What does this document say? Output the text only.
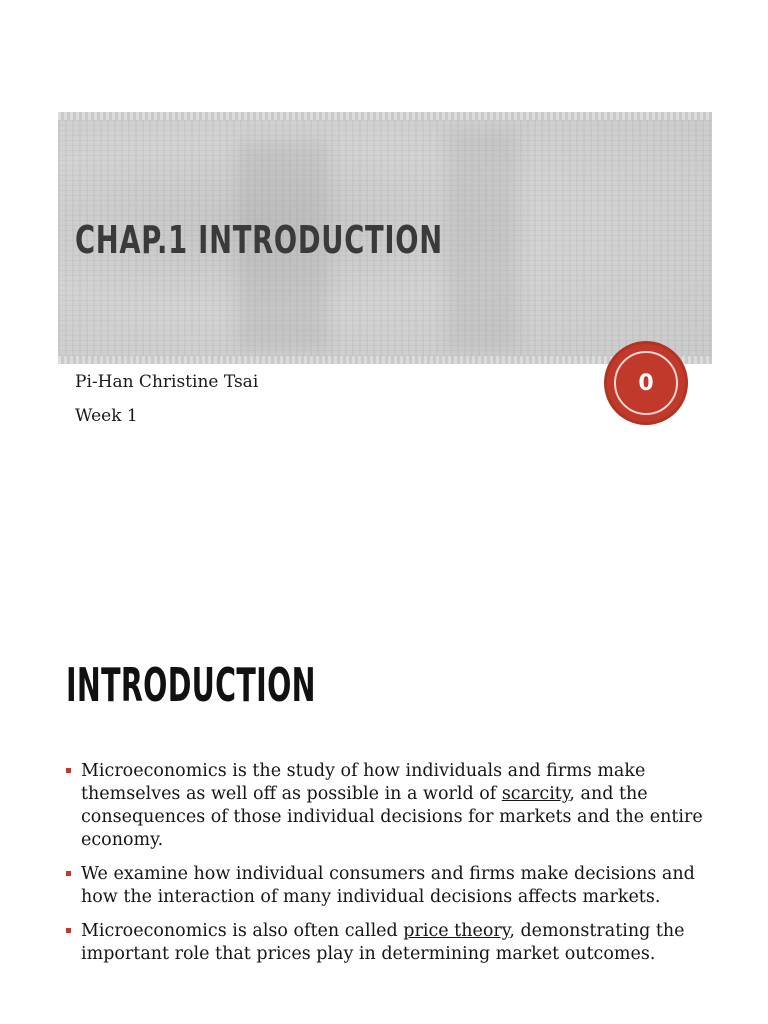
CHAP.1 INTRODUCTION
Pi-Han Christine Tsai
Week 1
0
INTRODUCTION
Microeconomics is the study of how individuals and firms make themselves as well off as possible in a world of scarcity, and the consequences of those individual decisions for markets and the entire economy.
We examine how individual consumers and firms make decisions and how the interaction of many individual decisions affects markets.
Microeconomics is also often called price theory, demonstrating the important role that prices play in determining market outcomes.
